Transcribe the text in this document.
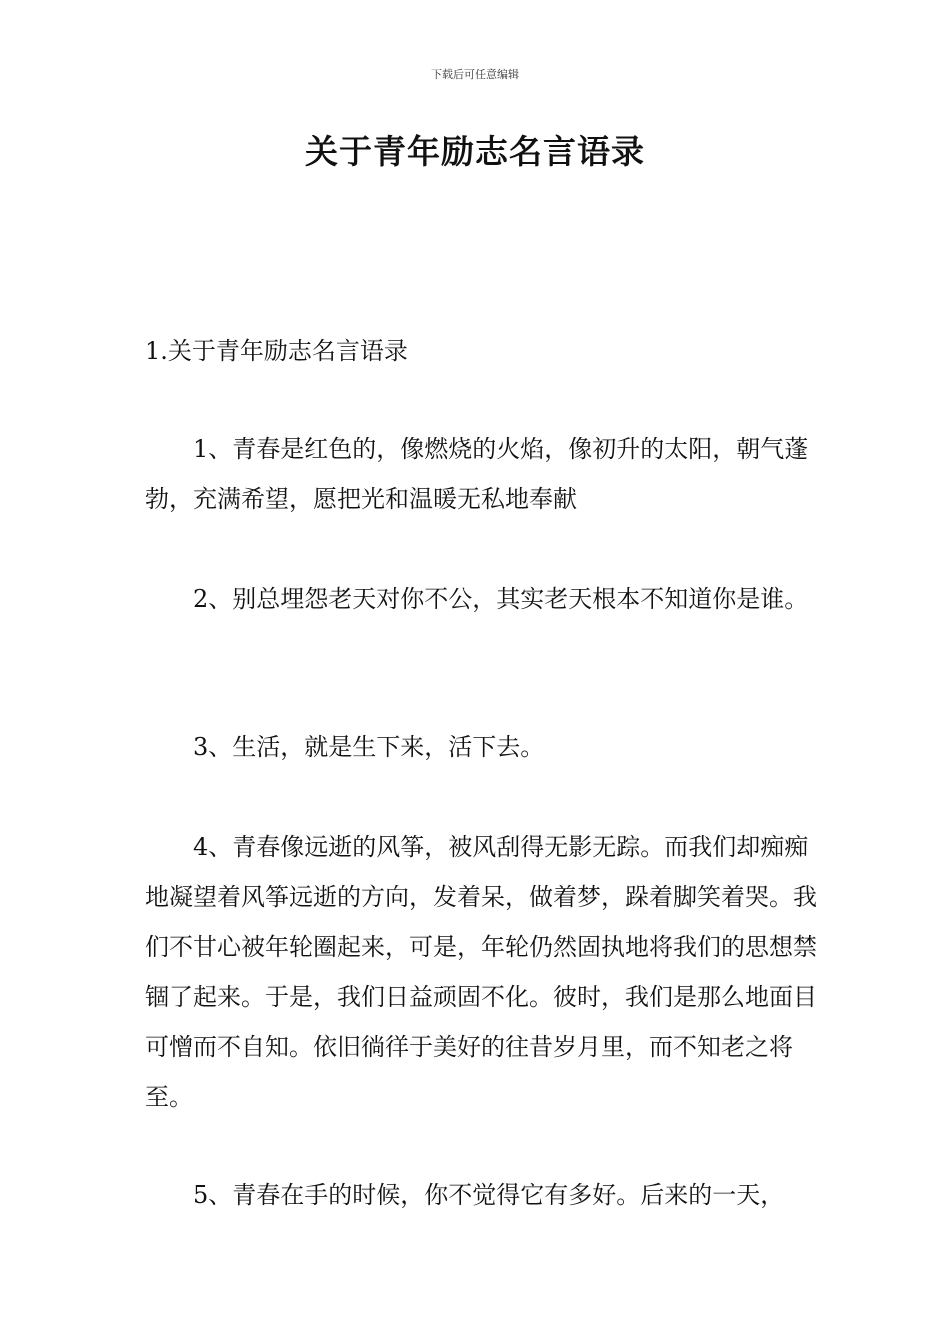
下载后可任意编辑
关于青年励志名言语录

1.关于青年励志名言语录

1、青春是红色的，像燃烧的火焰，像初升的太阳，朝气蓬勃，充满希望，愿把光和温暖无私地奉献

2、别总埋怨老天对你不公，其实老天根本不知道你是谁。

3、生活，就是生下来，活下去。

4、青春像远逝的风筝，被风刮得无影无踪。而我们却痴痴地凝望着风筝远逝的方向，发着呆，做着梦，跺着脚笑着哭。我们不甘心被年轮圈起来，可是，年轮仍然固执地将我们的思想禁锢了起来。于是，我们日益顽固不化。彼时，我们是那么地面目可憎而不自知。依旧徜徉于美好的往昔岁月里，而不知老之将至。

5、青春在手的时候，你不觉得它有多好。后来的一天，
